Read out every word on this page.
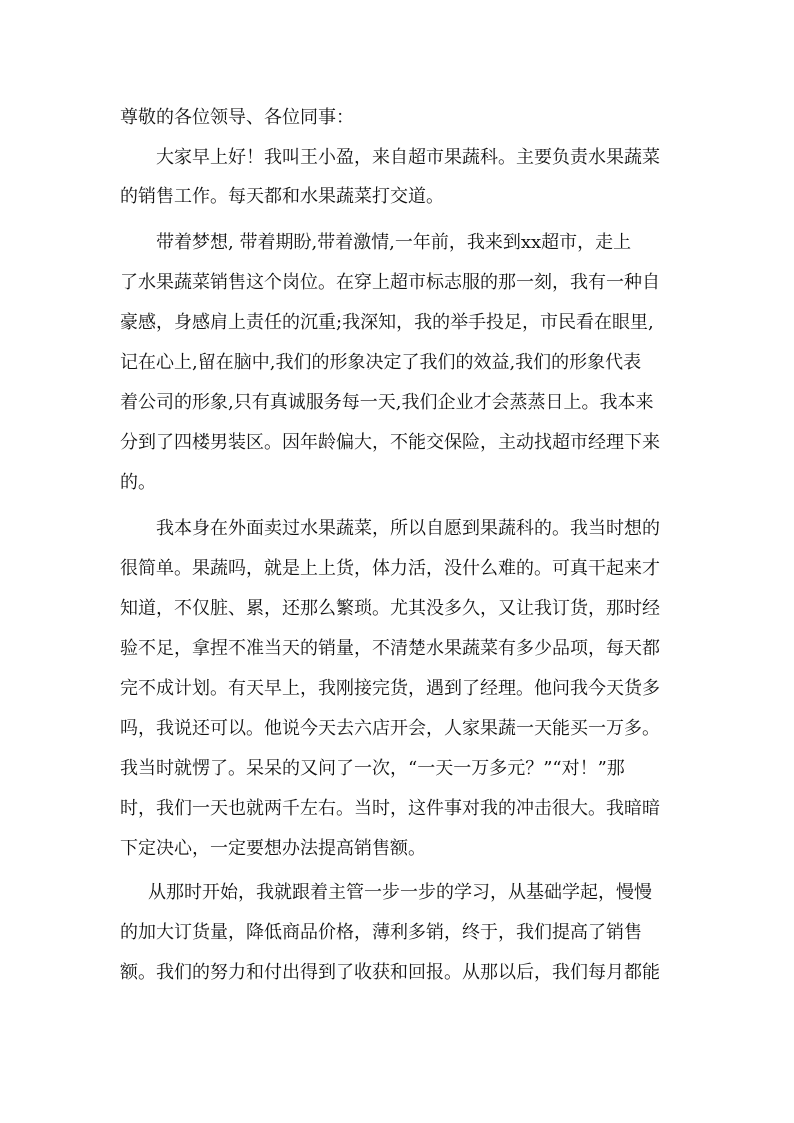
尊敬的各位领导、各位同事：
大家早上好！我叫王小盈，来自超市果蔬科。主要负责水果蔬菜
的销售工作。每天都和水果蔬菜打交道。
带着梦想, 带着期盼,带着激情,一年前，我来到xx超市，走上
了水果蔬菜销售这个岗位。在穿上超市标志服的那一刻，我有一种自
豪感，身感肩上责任的沉重;我深知，我的举手投足，市民看在眼里,
记在心上,留在脑中,我们的形象决定了我们的效益,我们的形象代表
着公司的形象,只有真诚服务每一天,我们企业才会蒸蒸日上。我本来
分到了四楼男装区。因年龄偏大，不能交保险，主动找超市经理下来
的。
我本身在外面卖过水果蔬菜，所以自愿到果蔬科的。我当时想的
很简单。果蔬吗，就是上上货，体力活，没什么难的。可真干起来才
知道，不仅脏、累，还那么繁琐。尤其没多久，又让我订货，那时经
验不足，拿捏不准当天的销量，不清楚水果蔬菜有多少品项，每天都
完不成计划。有天早上，我刚接完货，遇到了经理。他问我今天货多
吗，我说还可以。他说今天去六店开会，人家果蔬一天能买一万多。
我当时就愣了。呆呆的又问了一次，“一天一万多元？”“对！”那
时，我们一天也就两千左右。当时，这件事对我的冲击很大。我暗暗
下定决心，一定要想办法提高销售额。
从那时开始，我就跟着主管一步一步的学习，从基础学起，慢慢
的加大订货量，降低商品价格，薄利多销，终于，我们提高了销售
额。我们的努力和付出得到了收获和回报。从那以后，我们每月都能
